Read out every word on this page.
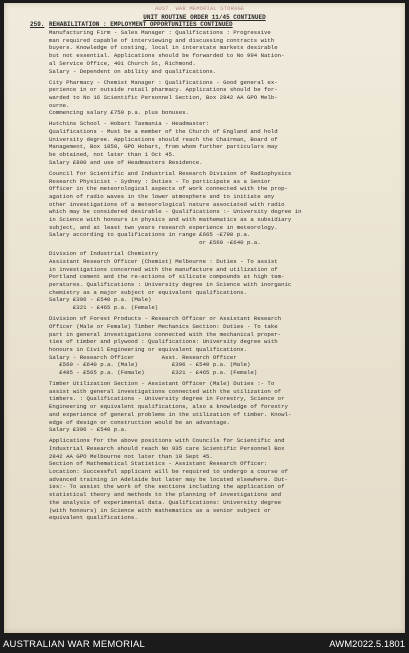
AUST. WAR MEMORIAL STORAGE
UNIT ROUTINE ORDER 11/45 CONTINUED
259. REHABILITATION : EMPLOYMENT OPPORTUNITIES CONTINUED
Manufacturing Firm - Sales Manager : Qualifications : Progressive
man required capable of interviewing and discussing contracts with
buyers. Knowledge of costing, local in interstate markets desirable
but not essential. Applications should be forwarded to No 994 Nation-
al Service Office, 401 Church St, Richmond.
Salary - Dependent on ability and qualifications.
City Pharmacy - Chemist Manager : Qualifications - Good general ex-
perience in or outside retail pharmacy. Applications should be for-
warded to No 16 Scientific Personnel Section, Box 2842 AA GPO Melb-
ourne.
Commencing salary £750 p.a. plus bonuses.
Hutchins School - Hobart Tasmania - Headmaster:
Qualifications - Must be a member of the Church of England and hold
University degree. Applications should reach the Chairman, Board of
Management, Box 1850, GPO Hobart, from whom further particulars may
be obtained, not later than 1 Oct 45.
Salary £800 and use of Headmasters Residence.
Council for Scientific and Industrial Research Division of Radiophysics
Research Physicist - Sydney : Duties - To participate as a Senior
Officer in the meteorological aspects of work connected with the prop-
agation of radio waves in the lower atmosphere and to initiate any
other investigations of a meteorological nature associated with radio
which may be considered desirable - Qualifications :- University degree in
in Science with honours in physics and with mathematics as a subsidiary
subject, and at least two years research experience in meteorology.
Salary according to qualifications in range £665 -£790 p.a.
or £560 -£640 p.a.
Division of Industrial Chemistry
Assistant Research Officer (Chemist) Melbourne : Duties - To assist
in investigations concerned with the manufacture and utilization of
Portland cement and the re-actions of silicate compounds at high tem-
peratures. Qualifications : University degree in Science with inorganic
chemistry as a major subject or equivalent qualifications.
Salary £396 - £540 p.a. (Male)
£321 - £465 p.a. (Female)
Division of Forest Products - Research Officer or Assistant Research
Officer (Male or Female) Timber Mechanics Section: Duties - To take
part in general investigations connected with the mechanical proper-
ties of timber and plywood : Qualifications: University degree with
honours in Civil Engineering or equivalent qualifications.
Salary - Research Officer        Asst. Research Officer
£560 - £640 p.a. (Male)          £396 - £540 p.a. (Male)
£485 - £565 p.a. (Female)        £321 - £465 p.a. (Female)
Timber Utilization Section - Assistant Officer (Male) Duties :- To
assist with general investigations connected with the utilization of
timbers. : Qualifications - University degree in Forestry, Science or
Engineering or equivalent qualifications, also a knowledge of forestry
and experience of general problems in the utilization of timber. Knowl-
edge of design or construction would be an advantage.
Salary £396 - £540 p.a.
Applications for the above positions with Councils for Scientific and
Industrial Research should reach No 935 care Scientific Personnel Box
2842 AA GPO Melbourne not later than 10 Sept 45.
Section of Mathematical Statistics - Assistant Research Officer:
Location: Successful applicant will be required to undergo a course of
advanced training in Adelaide but later may be located elsewhere. Dut-
ies:- To assist the work of the sections including the application of
statistical theory and methods to the planning of investigations and
the analysis of experimental data. Qualifications: University degree
(with honours) in Science with mathematics as a senior subject or
equivalent qualifications.
AUSTRALIAN WAR MEMORIAL	AWM2022.5.1801
